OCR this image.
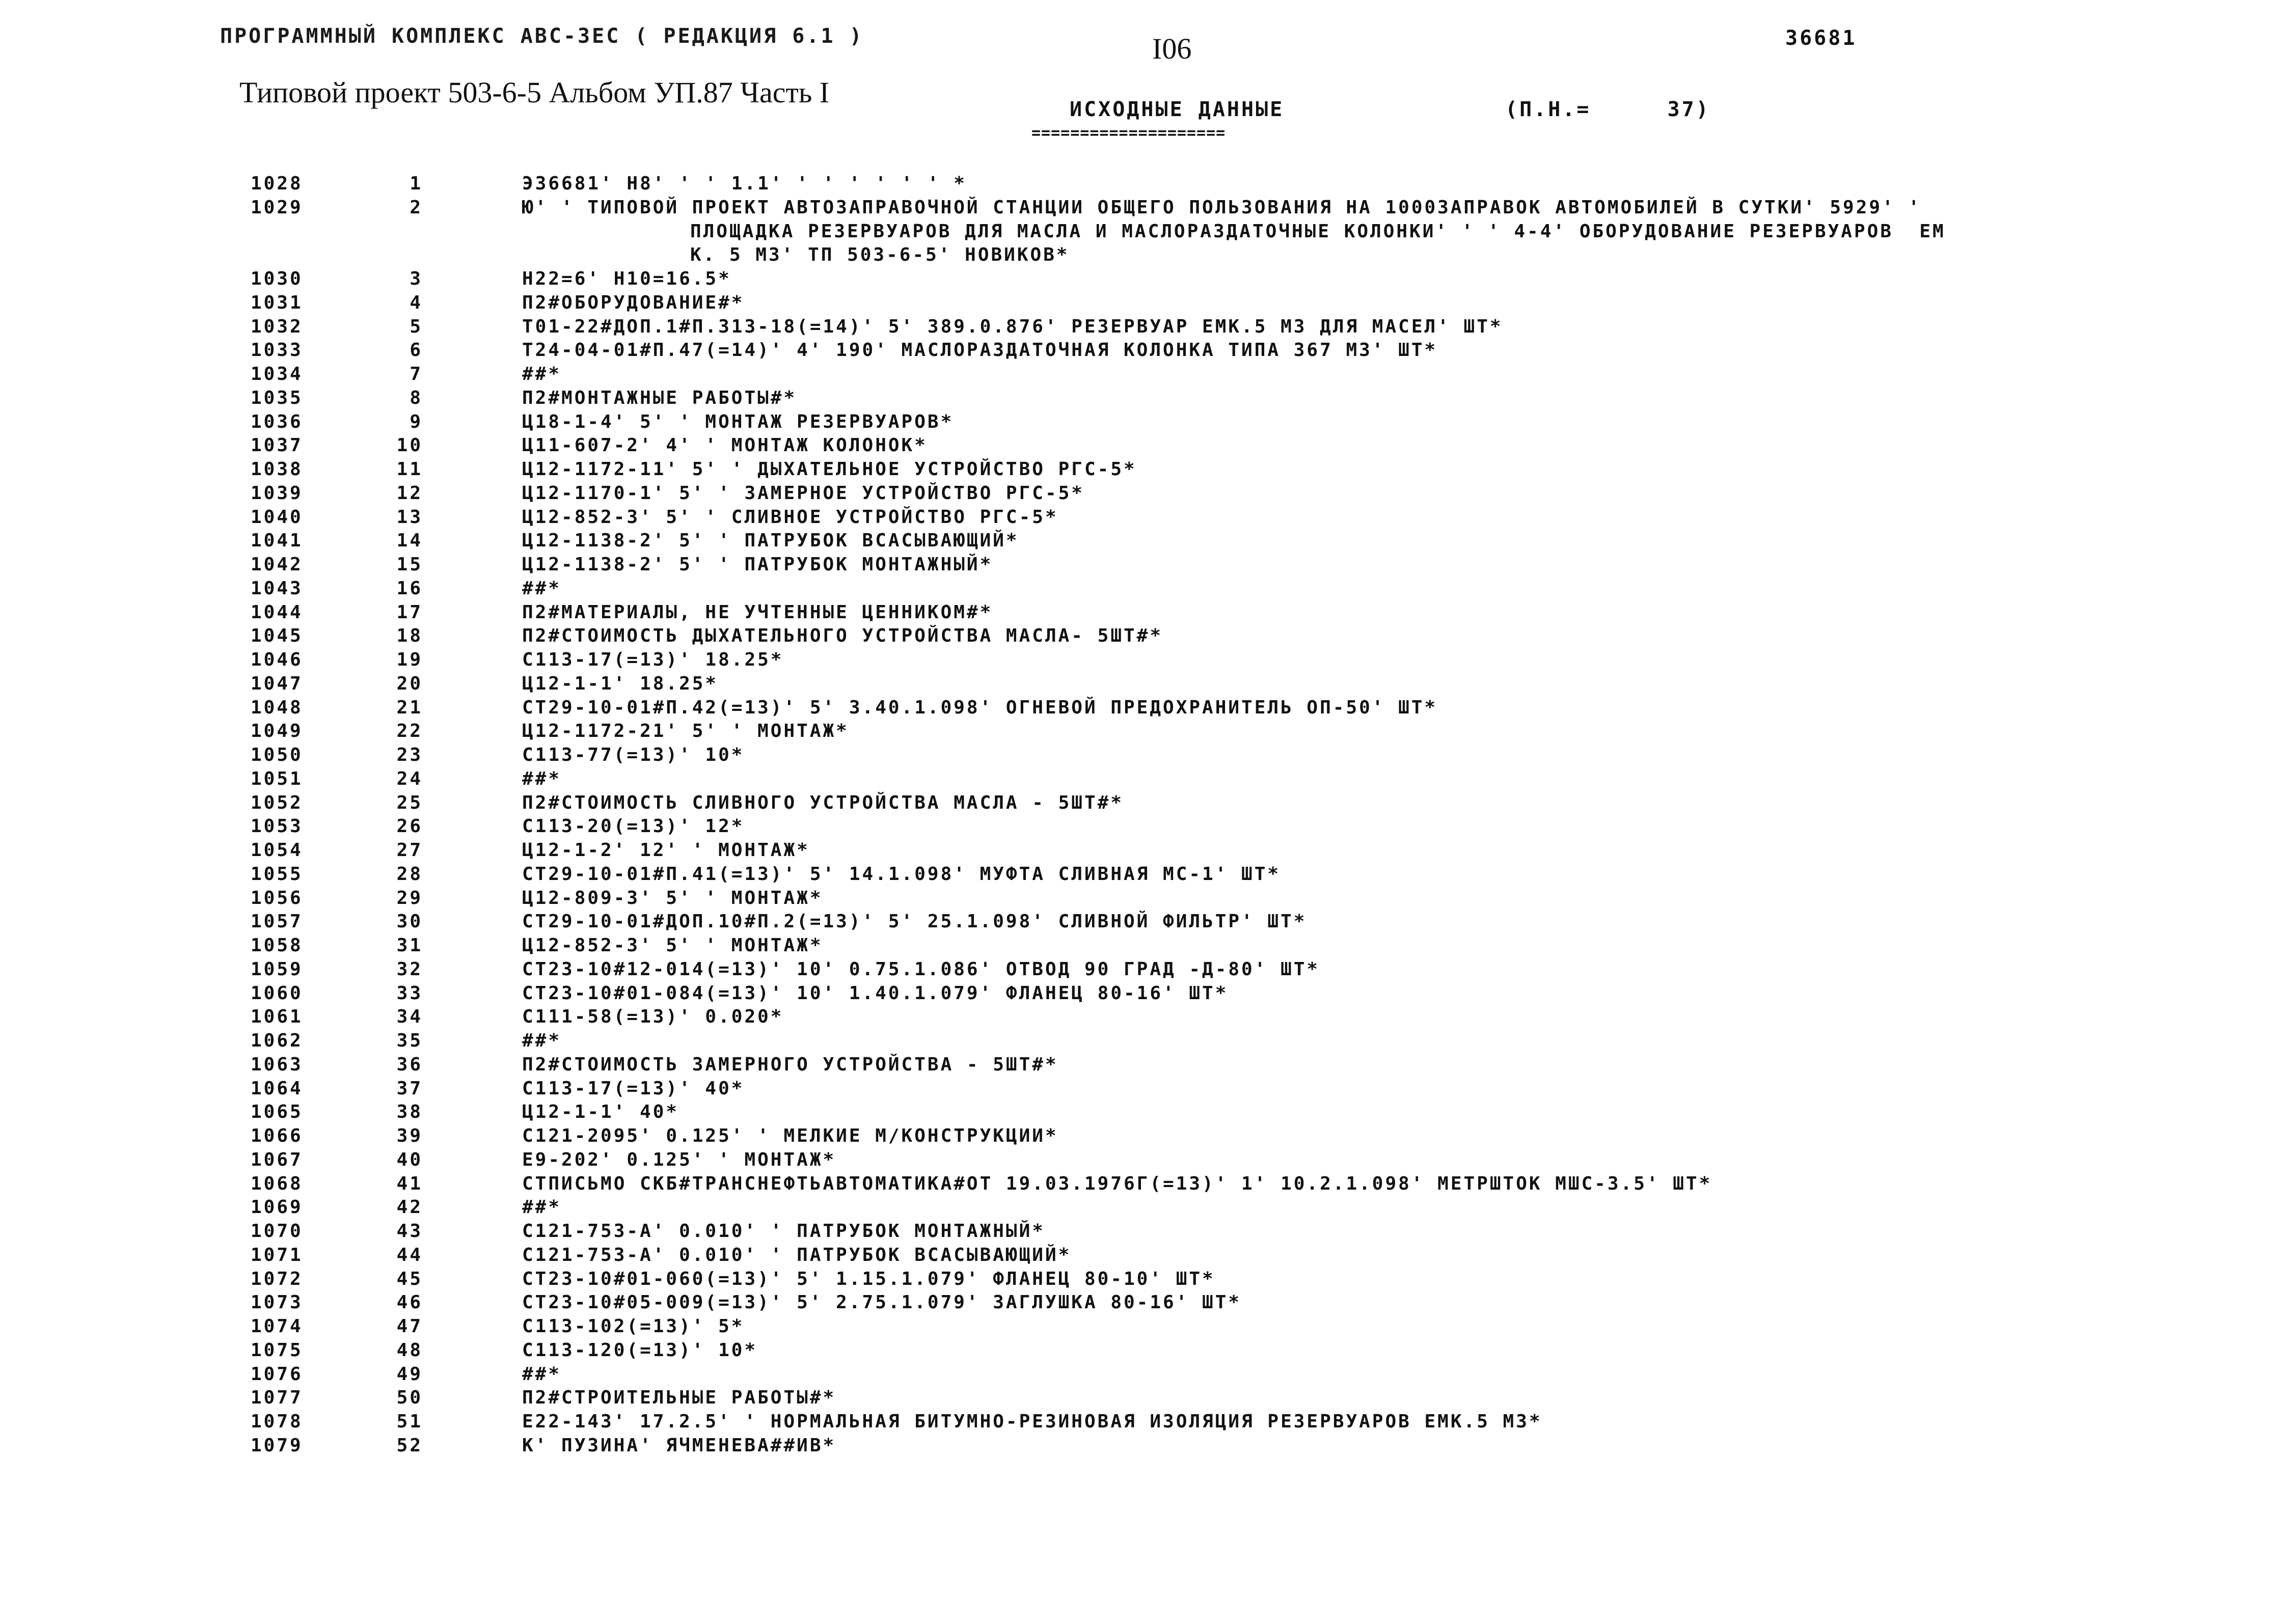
ПРОГРАММНЫЙ КОМПЛЕКС АВС-3ЕС ( РЕДАКЦИЯ 6.1 )	I06	36681
Типовой проект 503-6-5 Альбом УП.87 Часть I
ИСХОДНЫЕ ДАННЫЕ
====================
(П.Н.=	37)
1028	1	Э36681' Н8' ' ' 1.1' ' ' ' ' ' ' *
1029	2	Ю' ' ТИПОВОЙ ПРОЕКТ АВТОЗАПРАВОЧНОЙ СТАНЦИИ ОБЩЕГО ПОЛЬЗОВАНИЯ НА 1000ЗАПРАВОК АВТОМОБИЛЕЙ В СУТКИ' 5929' '
ПЛОЩАДКА РЕЗЕРВУАРОВ ДЛЯ МАСЛА И МАСЛОРАЗДАТОЧНЫЕ КОЛОНКИ' ' ' 4-4' ОБОРУДОВАНИЕ РЕЗЕРВУАРОВ  ЕМ
К. 5 М3' ТП 503-6-5' НОВИКОВ*
1030	3	Н22=6' Н10=16.5*
1031	4	П2#ОБОРУДОВАНИЕ#*
1032	5	Т01-22#ДОП.1#П.313-18(=14)' 5' 389.0.876' РЕЗЕРВУАР ЕМК.5 М3 ДЛЯ МАСЕЛ' ШТ*
1033	6	Т24-04-01#П.47(=14)' 4' 190' МАСЛОРАЗДАТОЧНАЯ КОЛОНКА ТИПА 367 М3' ШТ*
1034	7	##*
1035	8	П2#МОНТАЖНЫЕ РАБОТЫ#*
1036	9	Ц18-1-4' 5' ' МОНТАЖ РЕЗЕРВУАРОВ*
1037	10	Ц11-607-2' 4' ' МОНТАЖ КОЛОНОК*
1038	11	Ц12-1172-11' 5' ' ДЫХАТЕЛЬНОЕ УСТРОЙСТВО РГС-5*
1039	12	Ц12-1170-1' 5' ' ЗАМЕРНОЕ УСТРОЙСТВО РГС-5*
1040	13	Ц12-852-3' 5' ' СЛИВНОЕ УСТРОЙСТВО РГС-5*
1041	14	Ц12-1138-2' 5' ' ПАТРУБОК ВСАСЫВАЮЩИЙ*
1042	15	Ц12-1138-2' 5' ' ПАТРУБОК МОНТАЖНЫЙ*
1043	16	##*
1044	17	П2#МАТЕРИАЛЫ, НЕ УЧТЕННЫЕ ЦЕННИКОМ#*
1045	18	П2#СТОИМОСТЬ ДЫХАТЕЛЬНОГО УСТРОЙСТВА МАСЛА- 5ШТ#*
1046	19	С113-17(=13)' 18.25*
1047	20	Ц12-1-1' 18.25*
1048	21	СТ29-10-01#П.42(=13)' 5' 3.40.1.098' ОГНЕВОЙ ПРЕДОХРАНИТЕЛЬ ОП-50' ШТ*
1049	22	Ц12-1172-21' 5' ' МОНТАЖ*
1050	23	С113-77(=13)' 10*
1051	24	##*
1052	25	П2#СТОИМОСТЬ СЛИВНОГО УСТРОЙСТВА МАСЛА - 5ШТ#*
1053	26	С113-20(=13)' 12*
1054	27	Ц12-1-2' 12' ' МОНТАЖ*
1055	28	СТ29-10-01#П.41(=13)' 5' 14.1.098' МУФТА СЛИВНАЯ МС-1' ШТ*
1056	29	Ц12-809-3' 5' ' МОНТАЖ*
1057	30	СТ29-10-01#ДОП.10#П.2(=13)' 5' 25.1.098' СЛИВНОЙ ФИЛЬТР' ШТ*
1058	31	Ц12-852-3' 5' ' МОНТАЖ*
1059	32	СТ23-10#12-014(=13)' 10' 0.75.1.086' ОТВОД 90 ГРАД -Д-80' ШТ*
1060	33	СТ23-10#01-084(=13)' 10' 1.40.1.079' ФЛАНЕЦ 80-16' ШТ*
1061	34	С111-58(=13)' 0.020*
1062	35	##*
1063	36	П2#СТОИМОСТЬ ЗАМЕРНОГО УСТРОЙСТВА - 5ШТ#*
1064	37	С113-17(=13)' 40*
1065	38	Ц12-1-1' 40*
1066	39	С121-2095' 0.125' ' МЕЛКИЕ М/КОНСТРУКЦИИ*
1067	40	Е9-202' 0.125' ' МОНТАЖ*
1068	41	СТПИСЬМО СКБ#ТРАНСНЕФТЬАВТОМАТИКА#ОТ 19.03.1976Г(=13)' 1' 10.2.1.098' МЕТРШТОК МШС-3.5' ШТ*
1069	42	##*
1070	43	С121-753-А' 0.010' ' ПАТРУБОК МОНТАЖНЫЙ*
1071	44	С121-753-А' 0.010' ' ПАТРУБОК ВСАСЫВАЮЩИЙ*
1072	45	СТ23-10#01-060(=13)' 5' 1.15.1.079' ФЛАНЕЦ 80-10' ШТ*
1073	46	СТ23-10#05-009(=13)' 5' 2.75.1.079' ЗАГЛУШКА 80-16' ШТ*
1074	47	С113-102(=13)' 5*
1075	48	С113-120(=13)' 10*
1076	49	##*
1077	50	П2#СТРОИТЕЛЬНЫЕ РАБОТЫ#*
1078	51	Е22-143' 17.2.5' ' НОРМАЛЬНАЯ БИТУМНО-РЕЗИНОВАЯ ИЗОЛЯЦИЯ РЕЗЕРВУАРОВ ЕМК.5 М3*
1079	52	К' ПУЗИНА' ЯЧМЕНЕВА##ИВ*
